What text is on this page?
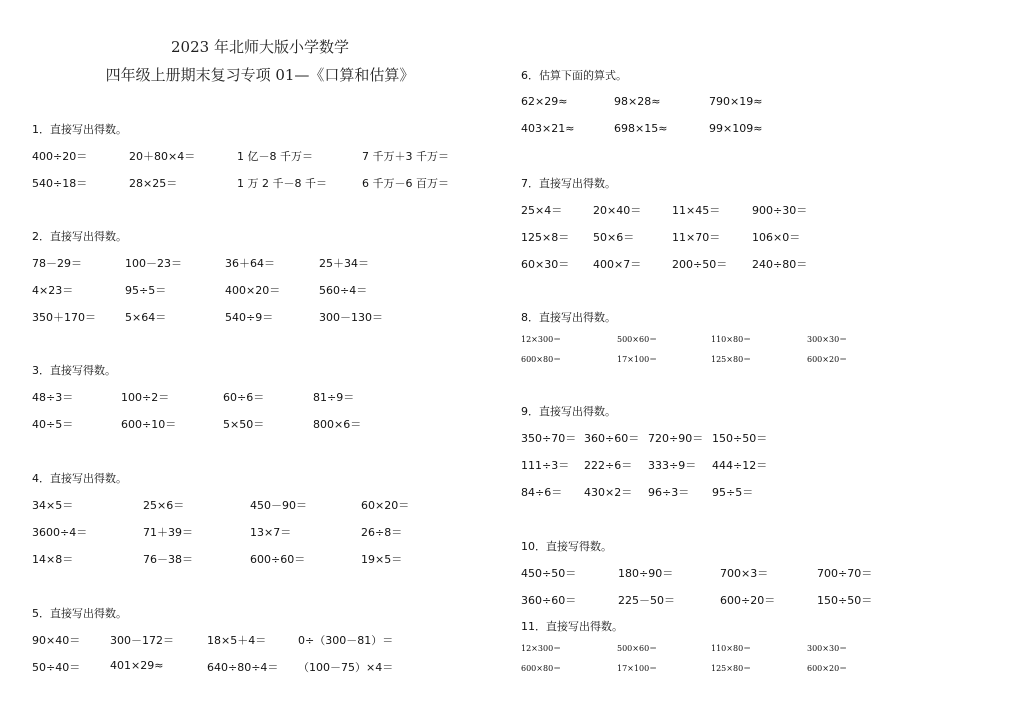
2023 年北师大版小学数学
四年级上册期末复习专项 01—《口算和估算》
1．直接写出得数。
400÷20＝	20＋80×4＝	1 亿－8 千万＝	7 千万＋3 千万＝
540÷18＝	28×25＝	1 万 2 千－8 千＝	6 千万－6 百万＝
2．直接写出得数。
78－29＝	100－23＝	36＋64＝	25＋34＝
4×23＝	95÷5＝	400×20＝	560÷4＝
350＋170＝	5×64＝	540÷9＝	300－130＝
3．直接写得数。
48÷3＝	100÷2＝	60÷6＝	81÷9＝
40÷5＝	600÷10＝	5×50＝	800×6＝
4．直接写出得数。
34×5＝	25×6＝	450－90＝	60×20＝
3600÷4＝	71＋39＝	13×7＝	26÷8＝
14×8＝	76－38＝	600÷60＝	19×5＝
5．直接写出得数。
90×40＝	300－172＝	18×5＋4＝	0÷（300－81）＝
50÷40＝	401×29≈	640÷80÷4＝ （100－75）×4＝
6．估算下面的算式。
62×29≈	98×28≈	790×19≈
403×21≈	698×15≈	99×109≈
7．直接写出得数。
25×4＝	20×40＝	11×45＝	900÷30＝
125×8＝ 50×6＝	11×70＝	106×0＝
60×30＝ 400×7＝	200÷50＝ 240÷80＝
8．直接写出得数。
12×300＝	500×60＝	110×80＝	300×30＝
600×80＝	17×100＝	125×80＝	600×20＝
9．直接写出得数。
350÷70＝ 360÷60＝ 720÷90＝ 150÷50＝
111÷3＝ 222÷6＝ 333÷9＝ 444÷12＝
84÷6＝ 430×2＝ 96÷3＝ 95÷5＝
10．直接写得数。
450÷50＝	180÷90＝	700×3＝	700÷70＝
360÷60＝	225－50＝	600÷20＝	150÷50＝
11．直接写出得数。
12×300＝	500×60＝	110×80＝	300×30＝
600×80＝	17×100＝	125×80＝	600×20＝
